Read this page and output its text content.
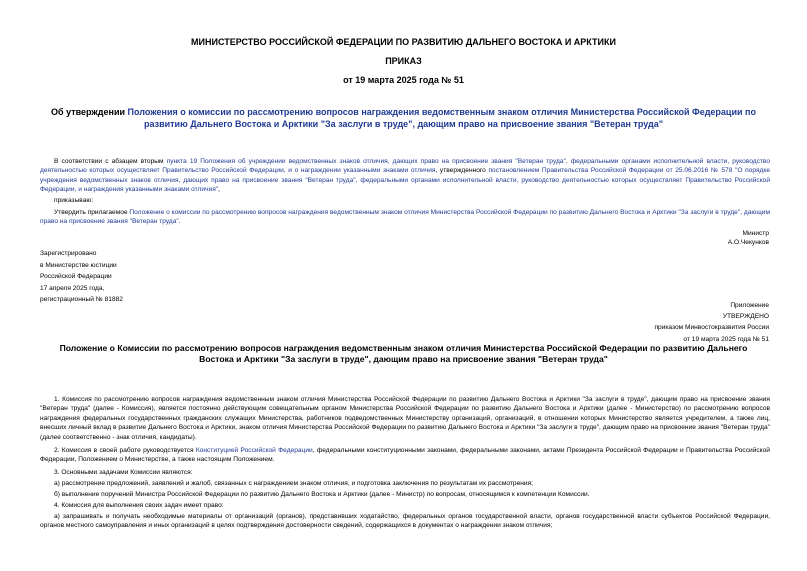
МИНИСТЕРСТВО РОССИЙСКОЙ ФЕДЕРАЦИИ ПО РАЗВИТИЮ ДАЛЬНЕГО ВОСТОКА И АРКТИКИ
ПРИКАЗ
от 19 марта 2025 года № 51
Об утверждении Положения о комиссии по рассмотрению вопросов награждения ведомственным знаком отличия Министерства Российской Федерации по развитию Дальнего Востока и Арктики "За заслуги в труде", дающим право на присвоение звания "Ветеран труда"

В соответствии с абзацем вторым пункта 19 Положения об учреждении ведомственных знаков отличия, дающих право на присвоение звания "Ветеран труда", федеральными органами исполнительной власти, руководство деятельностью которых осуществляет Правительство Российской Федерации, и о награждении указанными знаками отличия, утвержденного постановлением Правительства Российской Федерации от 25.06.2016 № 578 "О порядке учреждения ведомственных знаков отличия, дающих право на присвоение звания "Ветеран труда", федеральными органами исполнительной власти, руководство деятельностью которых осуществляет Правительство Российской Федерации, и награждения указанными знаками отличия",

приказываю:

Утвердить прилагаемое Положение о комиссии по рассмотрению вопросов награждения ведомственным знаком отличия Министерства Российской Федерации по развитию Дальнего Востока и Арктики "За заслуги в труде", дающим право на присвоение звания "Ветеран труда".

Министр
А.О.Чекунков
Зарегистрировано
в Министерстве юстиции
Российской Федерации
17 апреля 2025 года,
регистрационный № 81882
Приложение
УТВЕРЖДЕНО
приказом Минвостокразвития России
от 19 марта 2025 года № 51
Положение о Комиссии по рассмотрению вопросов награждения ведомственным знаком отличия Министерства Российской Федерации по развитию Дальнего Востока и Арктики "За заслуги в труде", дающим право на присвоение звания "Ветеран труда"

1. Комиссия по рассмотрению вопросов награждения ведомственным знаком отличия Министерства Российской Федерации по развитию Дальнего Востока и Арктики "За заслуги в труде", дающим право на присвоение звания "Ветеран труда" (далее - Комиссия), является постоянно действующим совещательным органом Министерства Российской Федерации по развитию Дальнего Востока и Арктики (далее - Министерство) по рассмотрению вопросов награждения федеральных государственных гражданских служащих Министерства, работников подведомственных Министерству организаций, организаций, в отношении которых Министерство является учредителем, а также лиц, внесших личный вклад в развитие Дальнего Востока и Арктики, знаком отличия Министерства Российской Федерации по развитию Дальнего Востока и Арктики "За заслуги в труде", дающим право на присвоение звания "Ветеран труда" (далее соответственно - знак отличия, кандидаты).

2. Комиссия в своей работе руководствуется Конституцией Российской Федерации, федеральными конституционными законами, федеральными законами, актами Президента Российской Федерации и Правительства Российской Федерации, Положением о Министерстве, а также настоящим Положением.

3. Основными задачами Комиссии являются:

а) рассмотрение предложений, заявлений и жалоб, связанных с награждением знаком отличия, и подготовка заключения по результатам их рассмотрения;

б) выполнение поручений Министра Российской Федерации по развитию Дальнего Востока и Арктики (далее - Министр) по вопросам, относящимся к компетенции Комиссии.

4. Комиссия для выполнения своих задач имеет право:

а) запрашивать и получать необходимые материалы от организаций (органов), представивших ходатайство, федеральных органов государственной власти, органов государственной власти субъектов Российской Федерации, органов местного самоуправления и иных организаций в целях подтверждения достоверности сведений, содержащихся в документах о награждении знаком отличия;
